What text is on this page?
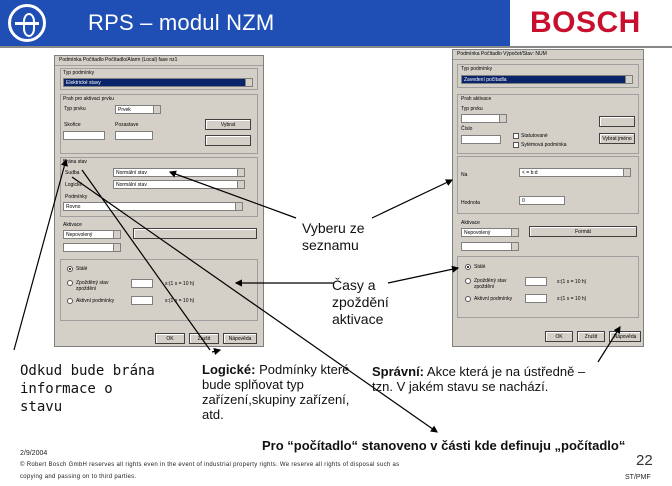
RPS – modul NZM	BOSCH
Podmínka Počítadlo Počítadlo/Alarm (Local) fase nz1
Typ podmínky
Elektrické stavy
Prah pro aktivaci prvku
Typ prvku	Prvek
Skořice	Pozastave	Vybrat
Brána stav
Sudba	Normální stav
Logické	Normální stav
Podmínky
Rovno
Aktivace
Nepovolený
Stálé
Zpožděný stav zpoždění
s:(1 s = 10 h)
Aktivní podmínky	s:(1 s = 10 h)
OK	Zrušit	Nápověda
Podmínka Počítadlo Výpočet/Stav: NUM
Typ podmínky
Zavedení počítadla
Prah aktivace
Typ prvku
Číslo
Statutované
Sytémová podmínka
Vybrat jméno
Na	< = b:d
Hodnota	0
Aktivace
Nepovolený	Formát
Stálé
Zpožděný stav zpoždění
s:(1 s = 10 h)
Aktivní podmínky	s:(1 s = 10 h)
OK	Zrušit	Nápověda
Vyberu ze seznamu
Časy a zpoždění aktivace
Odkud bude brána informace o stavu
Logické: Podmínky které bude splňovat typ zařízení,skupiny zařízení, atd.
Správní: Akce která je na ústředně – tzn. V jakém stavu se nachází.
Pro “počítadlo“ stanoveno v části kde definuju „počítadlo“
2/9/2004
© Robert Bosch GmbH reserves all rights even in the event of industrial property rights. We reserve all rights of disposal such as
copying and passing on to third parties.
22
ST/PMF
